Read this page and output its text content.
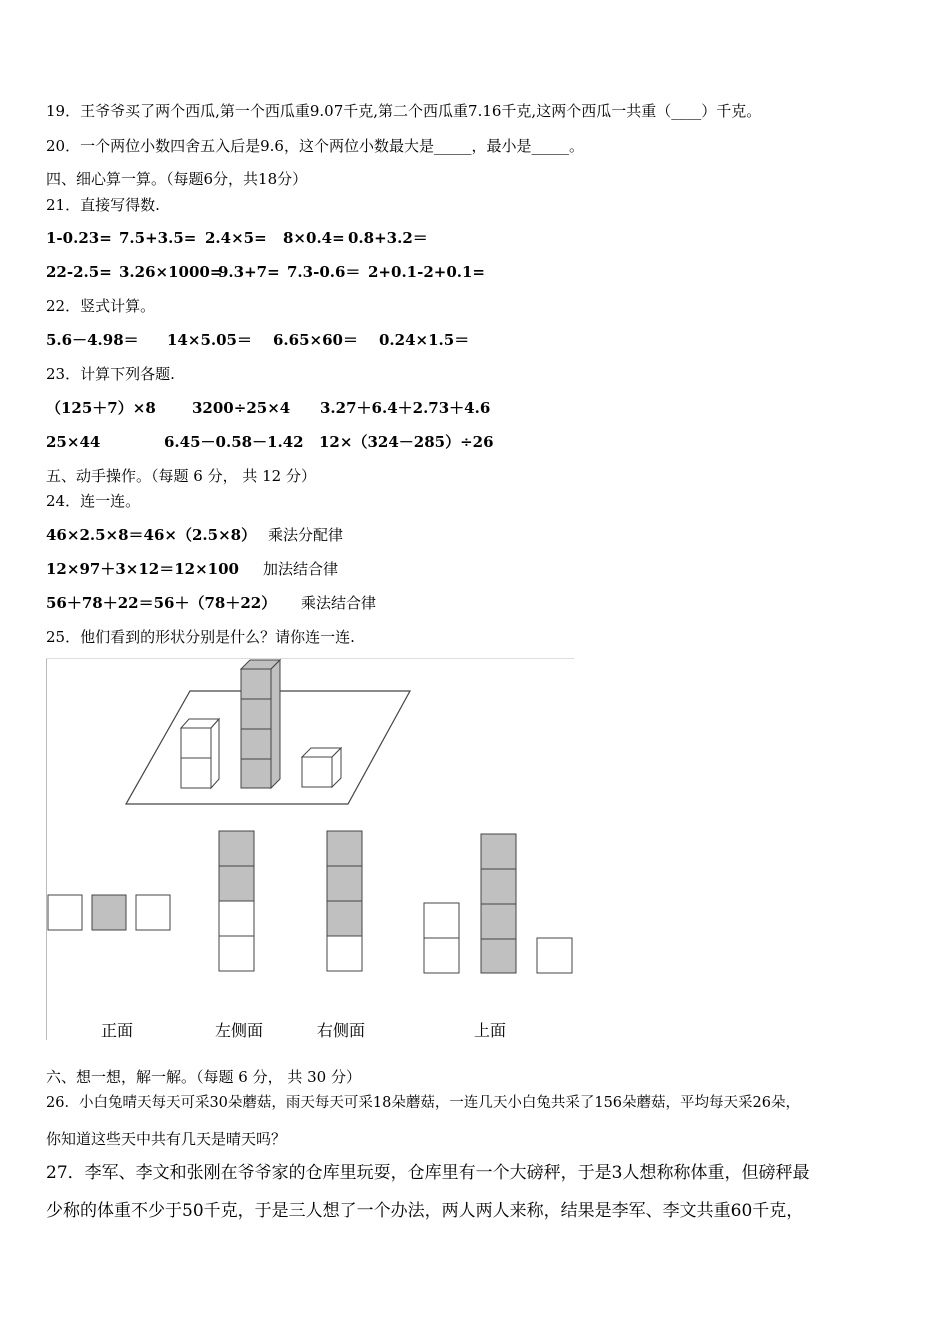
19．王爷爷买了两个西瓜,第一个西瓜重9.07千克,第二个西瓜重7.16千克,这两个西瓜一共重（____）千克。
20．一个两位小数四舍五入后是9.6，这个两位小数最大是_____，最小是_____。
四、细心算一算。（每题6分，共18分）
21．直接写得数.
1-0.23= 7.5+3.5= 2.4×5= 8×0.4= 0.8+3.2＝
22-2.5= 3.26×1000=9.3+7= 7.3-0.6＝ 2+0.1-2+0.1=
22．竖式计算。
5.6－4.98＝ 14×5.05＝ 6.65×60＝ 0.24×1.5＝
23．计算下列各题.
（125＋7）×8 3200÷25×4 3.27＋6.4＋2.73＋4.6
25×44	6.45－0.58－1.42 12×（324－285）÷26
五、动手操作。（每题 6 分， 共 12 分）
24．连一连。
46×2.5×8＝46×（2.5×8） 乘法分配律
12×97＋3×12＝12×100 加法结合律
56＋78＋22＝56＋（78＋22） 乘法结合律
25．他们看到的形状分别是什么？请你连一连.
正面	左侧面	右侧面	上面
六、想一想，解一解。（每题 6 分， 共 30 分）
26．小白兔晴天每天可采30朵蘑菇，雨天每天可采18朵蘑菇，一连几天小白兔共采了156朵蘑菇，平均每天采26朵，
你知道这些天中共有几天是晴天吗？
27．李军、李文和张刚在爷爷家的仓库里玩耍，仓库里有一个大磅秤，于是3人想称称体重，但磅秤最
少称的体重不少于50千克，于是三人想了一个办法，两人两人来称，结果是李军、李文共重60千克，
